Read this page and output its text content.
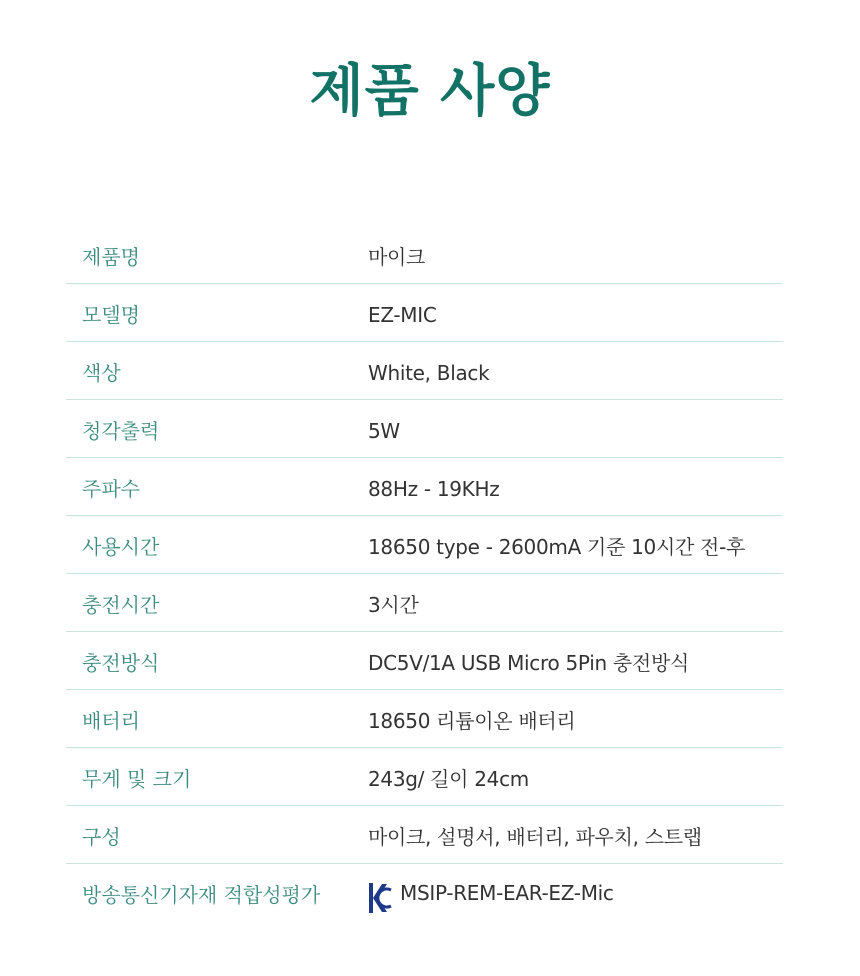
제품 사양
제품명	마이크
모델명	EZ-MIC
색상	White, Black
청각출력	5W
주파수	88Hz - 19KHz
사용시간	18650 type - 2600mA 기준 10시간 전-후
충전시간	3시간
충전방식	DC5V/1A USB Micro 5Pin 충전방식
배터리	18650 리튬이온 배터리
무게 및 크기	243g/ 길이 24cm
구성	마이크, 설명서, 배터리, 파우치, 스트랩
방송통신기자재 적합성평가	MSIP-REM-EAR-EZ-Mic
